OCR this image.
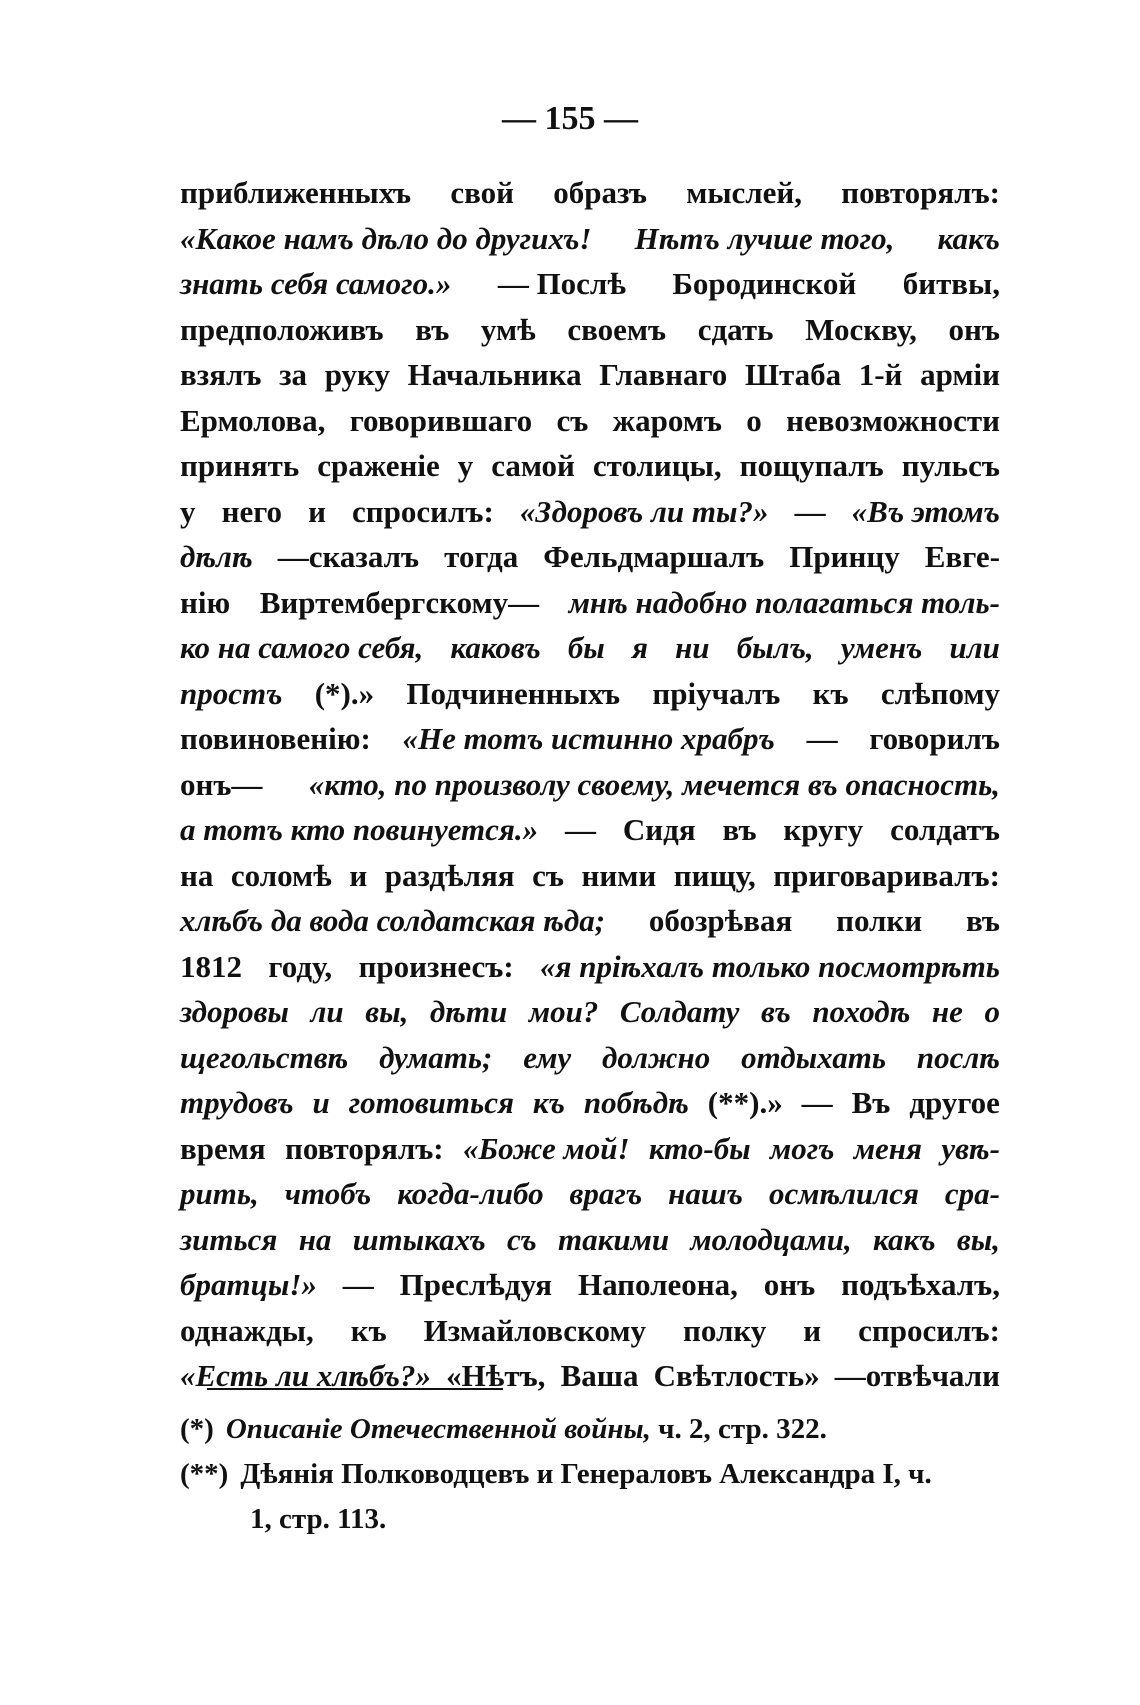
— 155 —
приближенныхъ свой образъ мыслей, повторялъ:
«Какое намъ дѣло до другихъ! Нѣтъ лучше того, какъ
знать себя самого.» — Послѣ Бородинской битвы,
предположивъ въ умѣ своемъ сдать Москву, онъ
взялъ за руку Начальника Главнаго Штаба 1-й арміи
Ермолова, говорившаго съ жаромъ о невозможности
принять сраженіе у самой столицы, пощупалъ пульсъ
у него и спросилъ: «Здоровъ ли ты?» — «Въ этомъ
дѣлѣ —сказалъ тогда Фельдмаршалъ Принцу Евге-
нію Виртембергскому— мнѣ надобно полагаться толь-
ко на самого себя, каковъ бы я ни былъ, уменъ или
простъ (*).» Подчиненныхъ пріучалъ къ слѣпому
повиновенію: «Не тотъ истинно храбръ — говорилъ
онъ— «кто, по произволу своему, мечется въ опасность,
а тотъ кто повинуется.» — Сидя въ кругу солдатъ
на соломѣ и раздѣляя съ ними пищу, приговаривалъ:
хлѣбъ да вода солдатская ѣда; обозрѣвая полки въ
1812 году, произнесъ: «я пріѣхалъ только посмотрѣть
здоровы ли вы, дѣти мои? Солдату въ походѣ не о
щегольствѣ думать; ему должно отдыхать послѣ
трудовъ и готовиться къ побѣдѣ (**).» — Въ другое
время повторялъ: «Боже мой! кто-бы могъ меня увѣ-
рить, чтобъ когда-либо врагъ нашъ осмѣлился сра-
зиться на штыкахъ съ такими молодцами, какъ вы,
братцы!» — Преслѣдуя Наполеона, онъ подъѣхалъ,
однажды, къ Измайловскому полку и спросилъ:
«Есть ли хлѣбъ?» «Нѣтъ, Ваша Свѣтлость» —отвѣчали
(*) Описаніе Отечественной войны, ч. 2, стр. 322.
(**) Дѣянія Полководцевъ и Генераловъ Александра I, ч.
1, стр. 113.
